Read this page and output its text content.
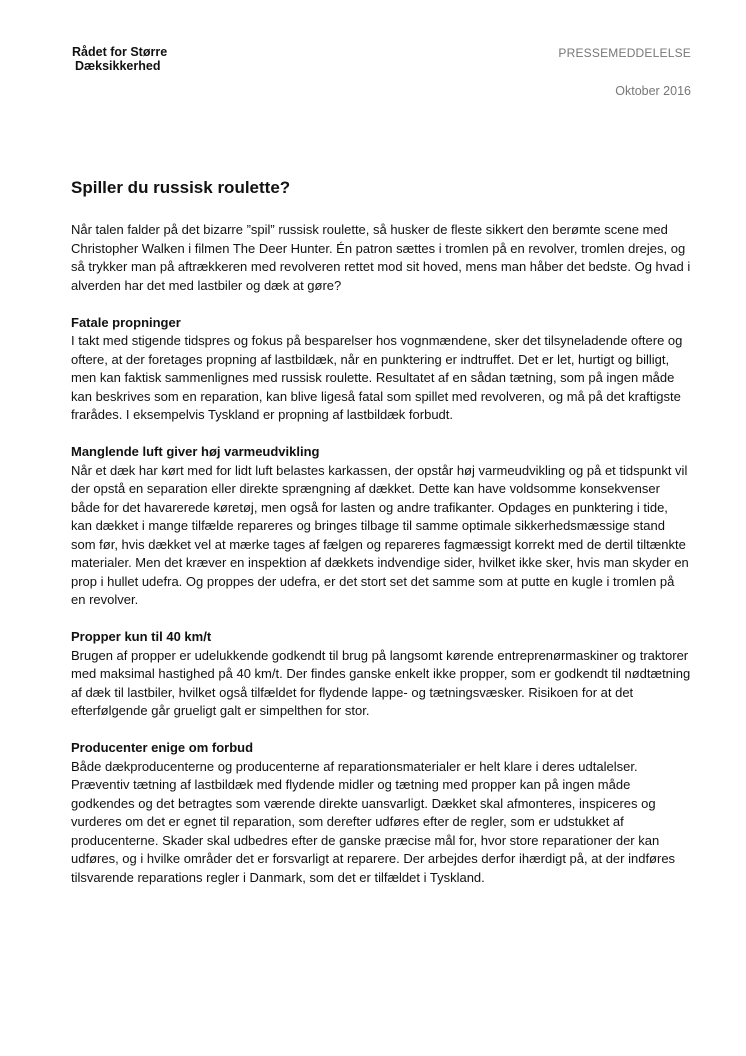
Rådet for Større
Dæksikkerhed
PRESSEMEDDELELSE
Oktober 2016
Spiller du russisk roulette?

Når talen falder på det bizarre ”spil” russisk roulette, så husker de fleste sikkert den berømte scene med Christopher Walken i filmen The Deer Hunter. Én patron sættes i tromlen på en revolver, tromlen drejes, og så trykker man på aftrækkeren med revolveren rettet mod sit hoved, mens man håber det bedste. Og hvad i alverden har det med lastbiler og dæk at gøre?

Fatale propninger

I takt med stigende tidspres og fokus på besparelser hos vognmændene, sker det tilsyneladende oftere og oftere, at der foretages propning af lastbildæk, når en punktering er indtruffet. Det er let, hurtigt og billigt, men kan faktisk sammenlignes med russisk roulette. Resultatet af en sådan tætning, som på ingen måde kan beskrives som en reparation, kan blive ligeså fatal som spillet med revolveren, og må på det kraftigste frarådes. I eksempelvis Tyskland er propning af lastbildæk forbudt.

Manglende luft giver høj varmeudvikling

Når et dæk har kørt med for lidt luft belastes karkassen, der opstår høj varmeudvikling og på et tidspunkt vil der opstå en separation eller direkte sprængning af dækket. Dette kan have voldsomme konsekvenser både for det havarerede køretøj, men også for lasten og andre trafikanter. Opdages en punktering i tide, kan dækket i mange tilfælde repareres og bringes tilbage til samme optimale sikkerhedsmæssige stand som før, hvis dækket vel at mærke tages af fælgen og repareres fagmæssigt korrekt med de dertil tiltænkte materialer. Men det kræver en inspektion af dækkets indvendige sider, hvilket ikke sker, hvis man skyder en prop i hullet udefra. Og proppes der udefra, er det stort set det samme som at putte en kugle i tromlen på en revolver.

Propper kun til 40 km/t

Brugen af propper er udelukkende godkendt til brug på langsomt kørende entreprenørmaskiner og traktorer med maksimal hastighed på 40 km/t. Der findes ganske enkelt ikke propper, som er godkendt til nødtætning af dæk til lastbiler, hvilket også tilfældet for flydende lappe- og tætningsvæsker. Risikoen for at det efterfølgende går grueligt galt er simpelthen for stor.

Producenter enige om forbud

Både dækproducenterne og producenterne af reparationsmaterialer er helt klare i deres udtalelser. Præventiv tætning af lastbildæk med flydende midler og tætning med propper kan på ingen måde godkendes og det betragtes som værende direkte uansvarligt. Dækket skal afmonteres, inspiceres og vurderes om det er egnet til reparation, som derefter udføres efter de regler, som er udstukket af producenterne. Skader skal udbedres efter de ganske præcise mål for, hvor store reparationer der kan udføres, og i hvilke områder det er forsvarligt at reparere. Der arbejdes derfor ihærdigt på, at der indføres tilsvarende reparations regler i Danmark, som det er tilfældet i Tyskland.
